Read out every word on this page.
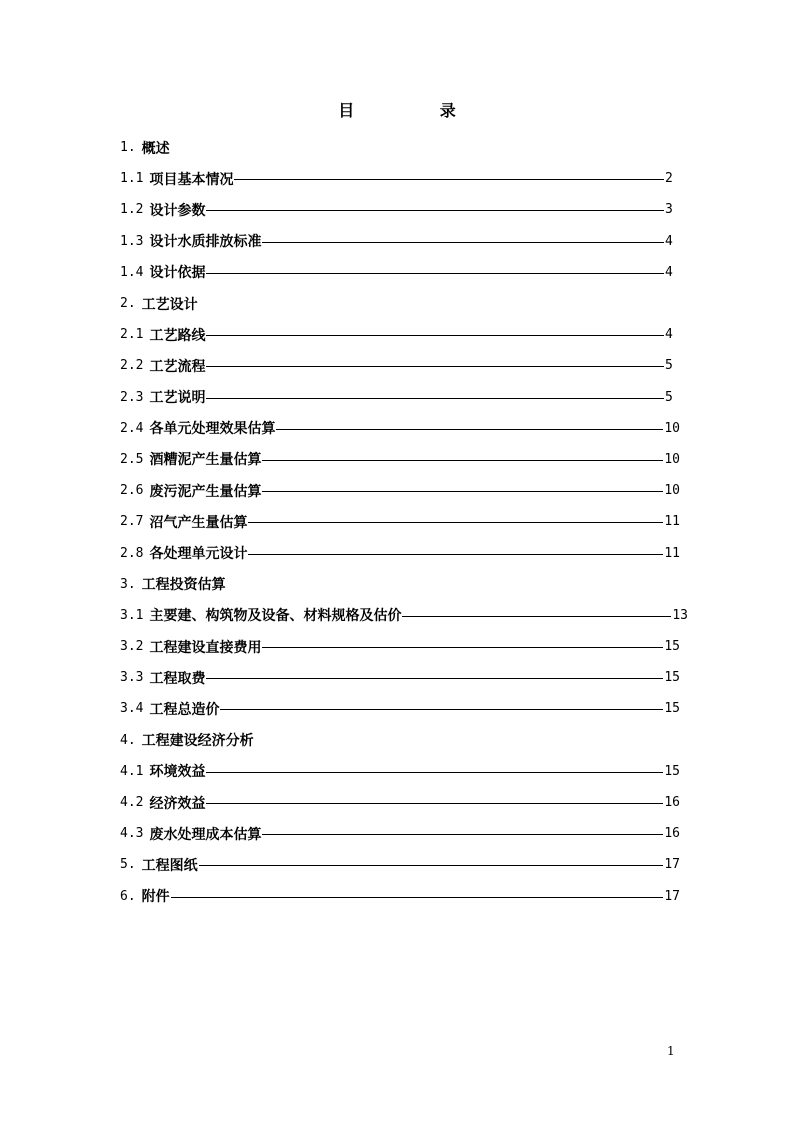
目	录
1. 概述
1.1 项目基本情况	2
1.2 设计参数	3
1.3 设计水质排放标准	4
1.4 设计依据	4
2. 工艺设计
2.1 工艺路线	4
2.2 工艺流程	5
2.3 工艺说明	5
2.4 各单元处理效果估算	10
2.5 酒糟泥产生量估算	10
2.6 废污泥产生量估算	10
2.7 沼气产生量估算	11
2.8 各处理单元设计	11
3. 工程投资估算
3.1 主要建、构筑物及设备、材料规格及估价	13
3.2 工程建设直接费用	15
3.3 工程取费	15
3.4 工程总造价	15
4. 工程建设经济分析
4.1 环境效益	15
4.2 经济效益	16
4.3 废水处理成本估算	16
5. 工程图纸	17
6. 附件	17
1
